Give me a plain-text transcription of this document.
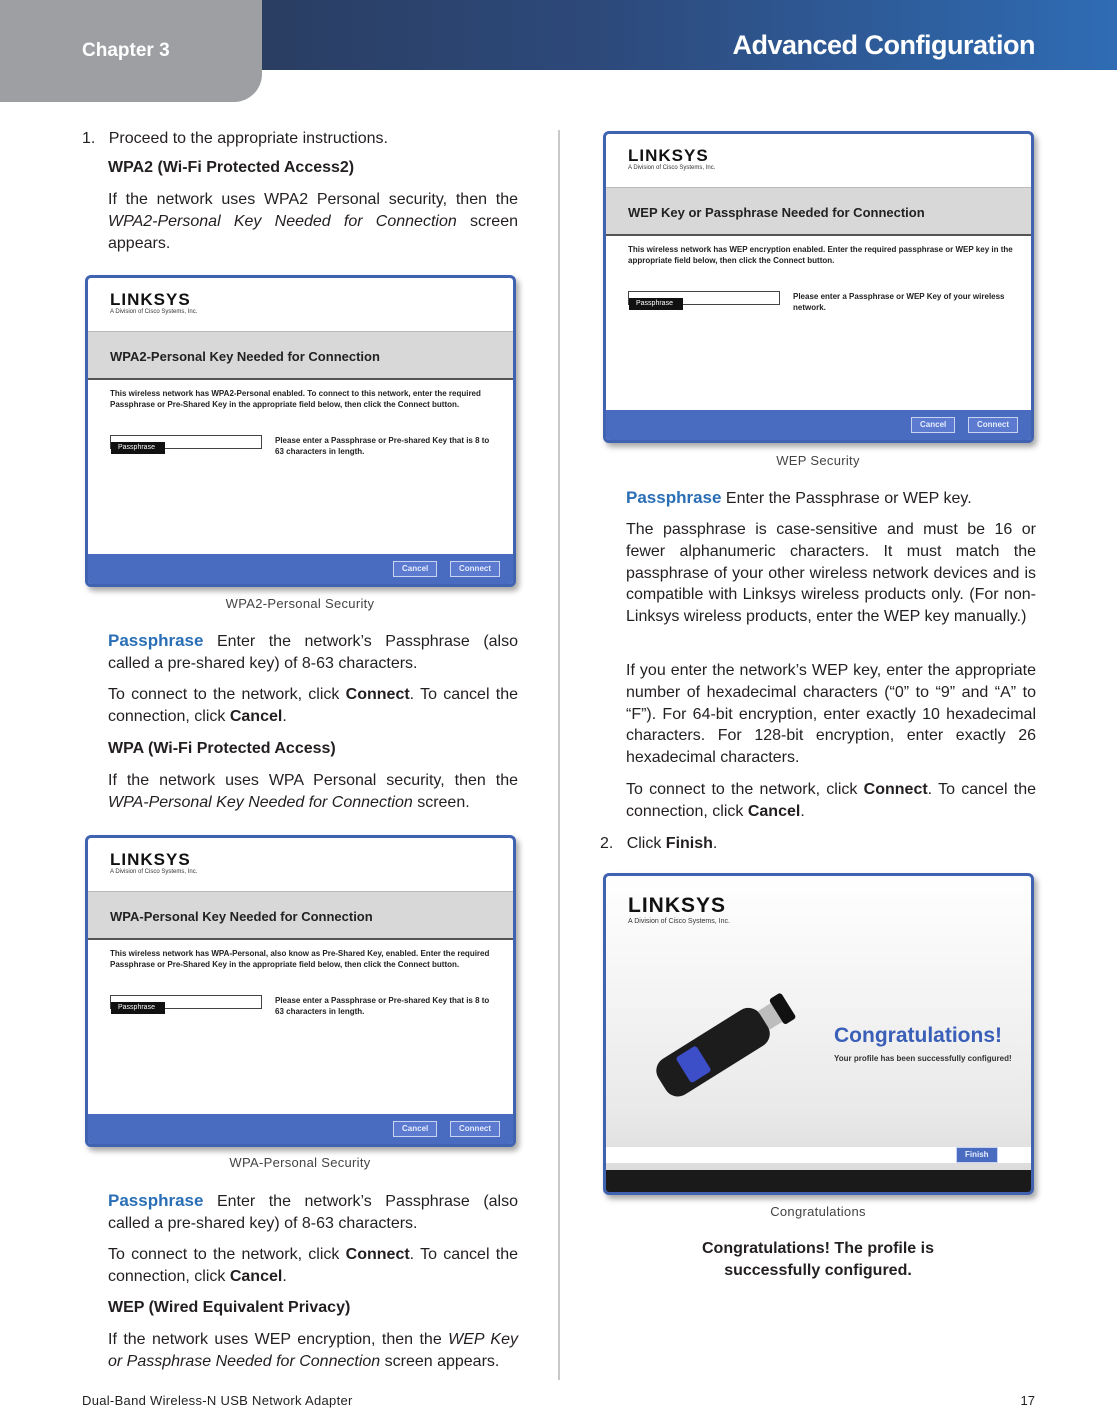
Chapter 3	Advanced Configuration
1. Proceed to the appropriate instructions.
WPA2 (Wi-Fi Protected Access2)

If the network uses WPA2 Personal security, then the WPA2-Personal Key Needed for Connection screen appears.

LINKSYS
A Division of Cisco Systems, Inc.
WPA2-Personal Key Needed for Connection
This wireless network has WPA2-Personal enabled. To connect to this network, enter the required Passphrase or Pre-Shared Key in the appropriate field below, then click the Connect button.
Passphrase
Please enter a Passphrase or Pre-shared Key that is 8 to 63 characters in length.
Cancel	Connect
WPA2-Personal Security

Passphrase Enter the network’s Passphrase (also called a pre-shared key) of 8-63 characters.

To connect to the network, click Connect. To cancel the connection, click Cancel.

WPA (Wi-Fi Protected Access)

If the network uses WPA Personal security, then the WPA-Personal Key Needed for Connection screen.

LINKSYS
A Division of Cisco Systems, Inc.
WPA-Personal Key Needed for Connection
This wireless network has WPA-Personal, also know as Pre-Shared Key, enabled. Enter the required Passphrase or Pre-Shared Key in the appropriate field below, then click the Connect button.
Passphrase
Please enter a Passphrase or Pre-shared Key that is 8 to 63 characters in length.
Cancel	Connect
WPA-Personal Security

Passphrase Enter the network’s Passphrase (also called a pre-shared key) of 8-63 characters.

To connect to the network, click Connect. To cancel the connection, click Cancel.

WEP (Wired Equivalent Privacy)

If the network uses WEP encryption, then the WEP Key or Passphrase Needed for Connection screen appears.

LINKSYS
A Division of Cisco Systems, Inc.
WEP Key or Passphrase Needed for Connection
This wireless network has WEP encryption enabled. Enter the required passphrase or WEP key in the appropriate field below, then click the Connect button.
Passphrase
Please enter a Passphrase or WEP Key of your wireless network.
Cancel	Connect
WEP Security

Passphrase Enter the Passphrase or WEP key.

The passphrase is case-sensitive and must be 16 or fewer alphanumeric characters. It must match the passphrase of your other wireless network devices and is compatible with Linksys wireless products only. (For non-Linksys wireless products, enter the WEP key manually.)

If you enter the network’s WEP key, enter the appropriate number of hexadecimal characters (“0” to “9” and “A” to “F”). For 64-bit encryption, enter exactly 10 hexadecimal characters. For 128-bit encryption, enter exactly 26 hexadecimal characters.

To connect to the network, click Connect. To cancel the connection, click Cancel.

2. Click Finish.
LINKSYS
A Division of Cisco Systems, Inc.
Congratulations!
Your profile has been successfully configured!
Finish
Congratulations
Congratulations! The profile is successfully configured.
Dual-Band Wireless-N USB Network Adapter	17
